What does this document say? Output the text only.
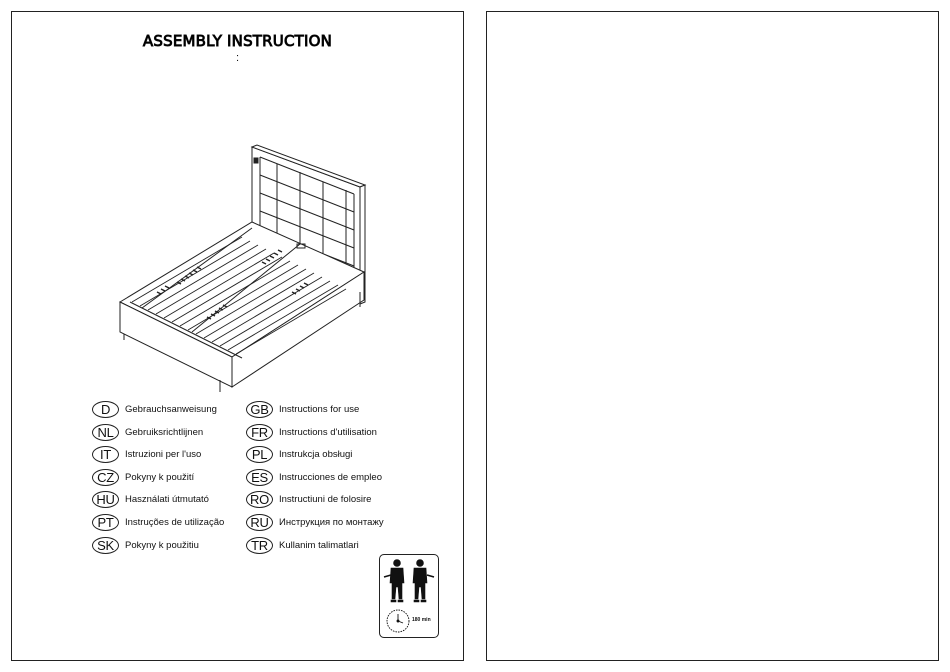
ASSEMBLY INSTRUCTION
:
D	Gebrauchsanweisung
NL	Gebruiksrichtlijnen
IT	Istruzioni per l'uso
CZ	Pokyny k použití
HU	Használati útmutató
PT	Instruções de utilização
SK	Pokyny k použitiu
GB	Instructions for use
FR	Instructions d'utilisation
PL	Instrukcja obsługi
ES	Instrucciones de empleo
RO	Instructiuni de folosire
RU	Инструкция по монтажу
TR	Kullanim talimatlari
180 min
